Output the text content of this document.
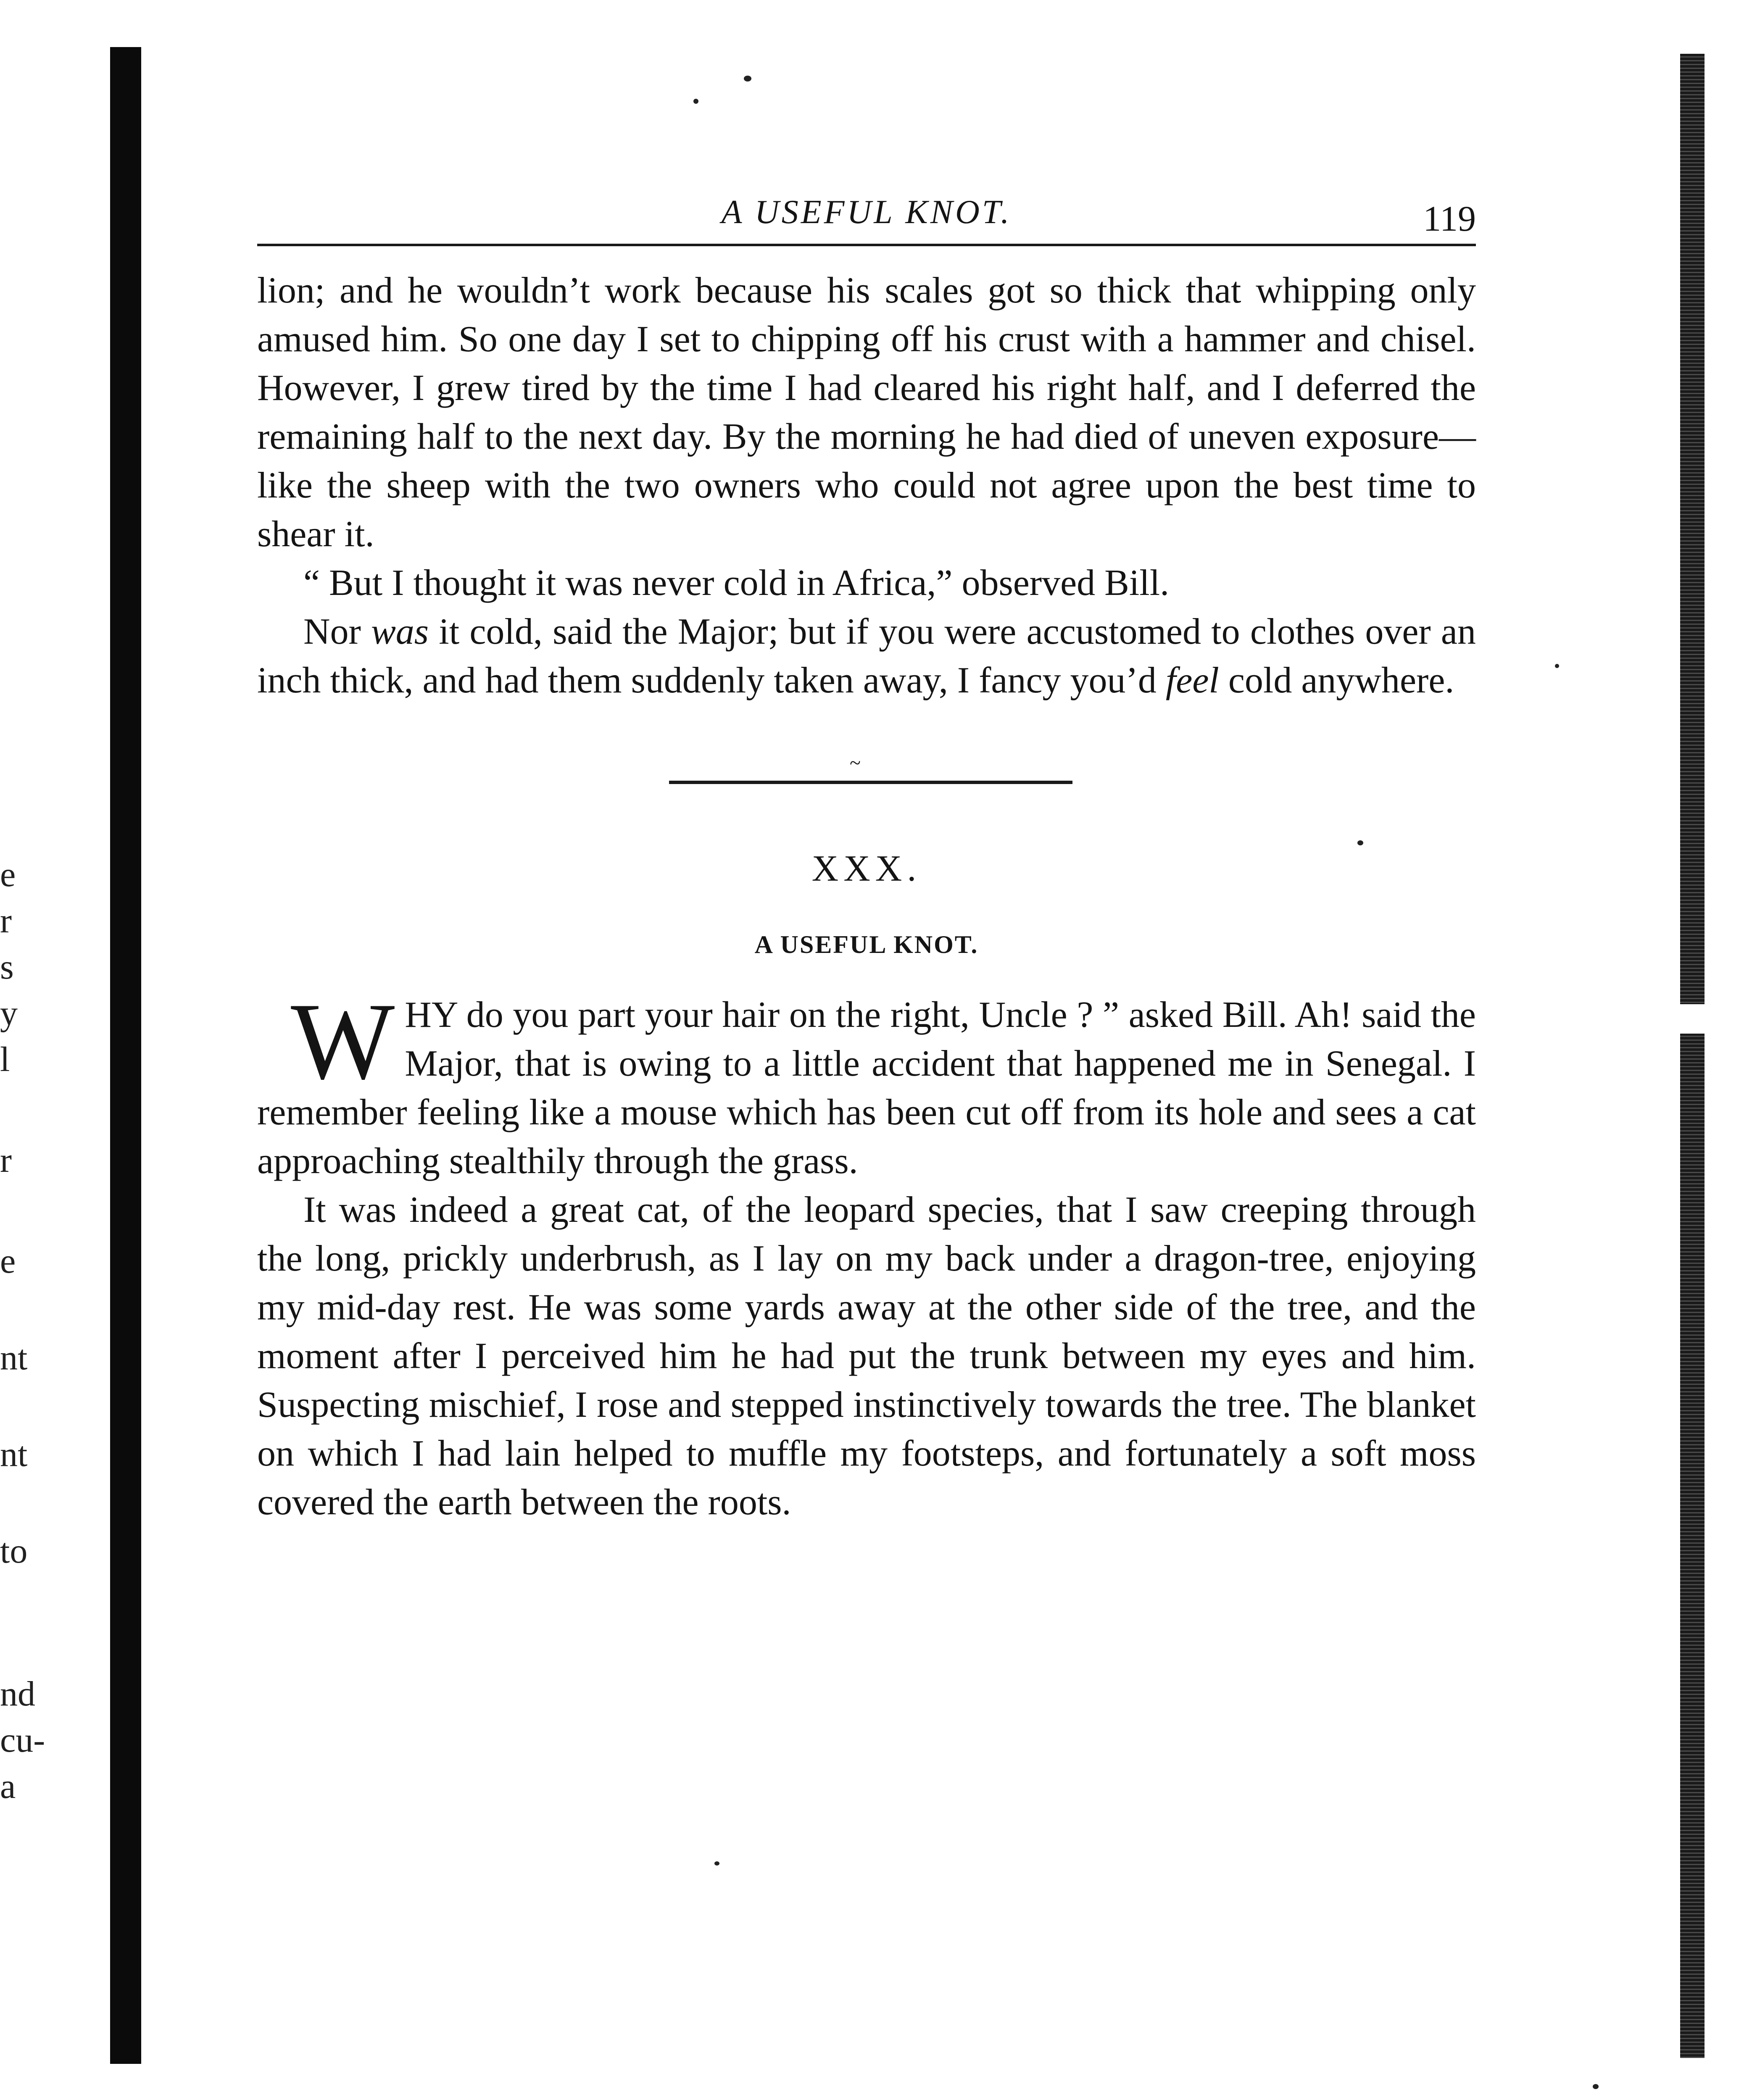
e
r
s
y
l
r
e
nt
nt
to
nd
cu-
a
A USEFUL KNOT.	119

lion; and he wouldn’t work because his scales got so thick that whipping only amused him. So one day I set to chipping off his crust with a hammer and chisel. However, I grew tired by the time I had cleared his right half, and I deferred the remaining half to the next day. By the morning he had died of uneven exposure— like the sheep with the two owners who could not agree upon the best time to shear it.

“ But I thought it was never cold in Africa,” observed Bill.

Nor was it cold, said the Major; but if you were accustomed to clothes over an inch thick, and had them suddenly taken away, I fancy you’d feel cold anywhere.

~
XXX.
A USEFUL KNOT.

WHY do you part your hair on the right, Uncle ? ” asked Bill. Ah! said the Major, that is owing to a little accident that happened me in Senegal. I remember feeling like a mouse which has been cut off from its hole and sees a cat approaching stealthily through the grass.

It was indeed a great cat, of the leopard species, that I saw creeping through the long, prickly underbrush, as I lay on my back under a dragon-tree, enjoying my mid-day rest. He was some yards away at the other side of the tree, and the moment after I perceived him he had put the trunk between my eyes and him. Suspecting mischief, I rose and stepped instinctively towards the tree. The blanket on which I had lain helped to muffle my footsteps, and fortunately a soft moss covered the earth between the roots.
